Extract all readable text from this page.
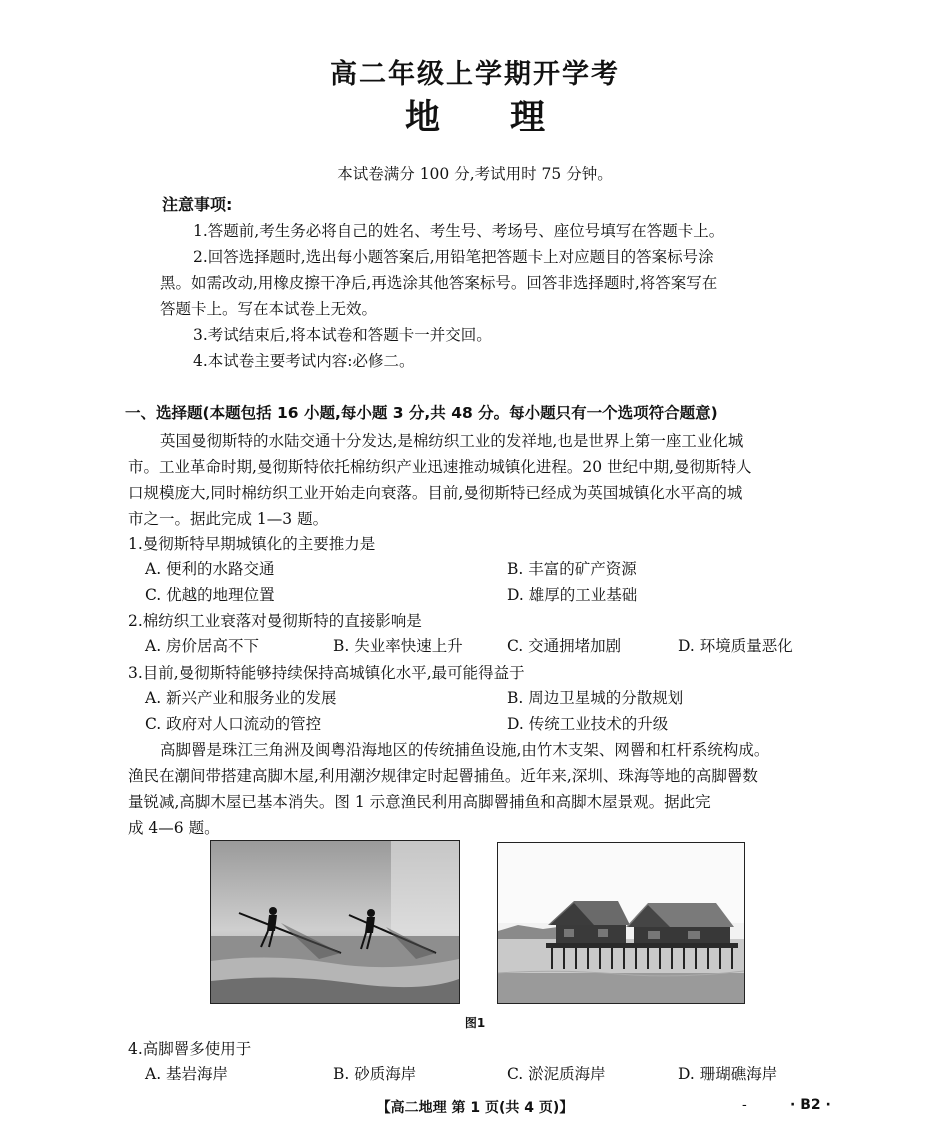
高二年级上学期开学考
地 理
本试卷满分 100 分,考试用时 75 分钟。
注意事项:
1.答题前,考生务必将自己的姓名、考生号、考场号、座位号填写在答题卡上。
2.回答选择题时,选出每小题答案后,用铅笔把答题卡上对应题目的答案标号涂
黑。如需改动,用橡皮擦干净后,再选涂其他答案标号。回答非选择题时,将答案写在
答题卡上。写在本试卷上无效。
3.考试结束后,将本试卷和答题卡一并交回。
4.本试卷主要考试内容:必修二。
一、选择题(本题包括 16 小题,每小题 3 分,共 48 分。每小题只有一个选项符合题意)
英国曼彻斯特的水陆交通十分发达,是棉纺织工业的发祥地,也是世界上第一座工业化城
市。工业革命时期,曼彻斯特依托棉纺织产业迅速推动城镇化进程。20 世纪中期,曼彻斯特人
口规模庞大,同时棉纺织工业开始走向衰落。目前,曼彻斯特已经成为英国城镇化水平高的城
市之一。据此完成 1—3 题。
1.曼彻斯特早期城镇化的主要推力是
A. 便利的水路交通	B. 丰富的矿产资源
C. 优越的地理位置	D. 雄厚的工业基础
2.棉纺织工业衰落对曼彻斯特的直接影响是
A. 房价居高不下	B. 失业率快速上升	C. 交通拥堵加剧	D. 环境质量恶化
3.目前,曼彻斯特能够持续保持高城镇化水平,最可能得益于
A. 新兴产业和服务业的发展	B. 周边卫星城的分散规划
C. 政府对人口流动的管控	D. 传统工业技术的升级
高脚罾是珠江三角洲及闽粤沿海地区的传统捕鱼设施,由竹木支架、网罾和杠杆系统构成。
渔民在潮间带搭建高脚木屋,利用潮汐规律定时起罾捕鱼。近年来,深圳、珠海等地的高脚罾数
量锐减,高脚木屋已基本消失。图 1 示意渔民利用高脚罾捕鱼和高脚木屋景观。据此完
成 4—6 题。
图1
4.高脚罾多使用于
A. 基岩海岸	B. 砂质海岸	C. 淤泥质海岸	D. 珊瑚礁海岸
【高二地理 第 1 页(共 4 页)】	-	· B2 ·
